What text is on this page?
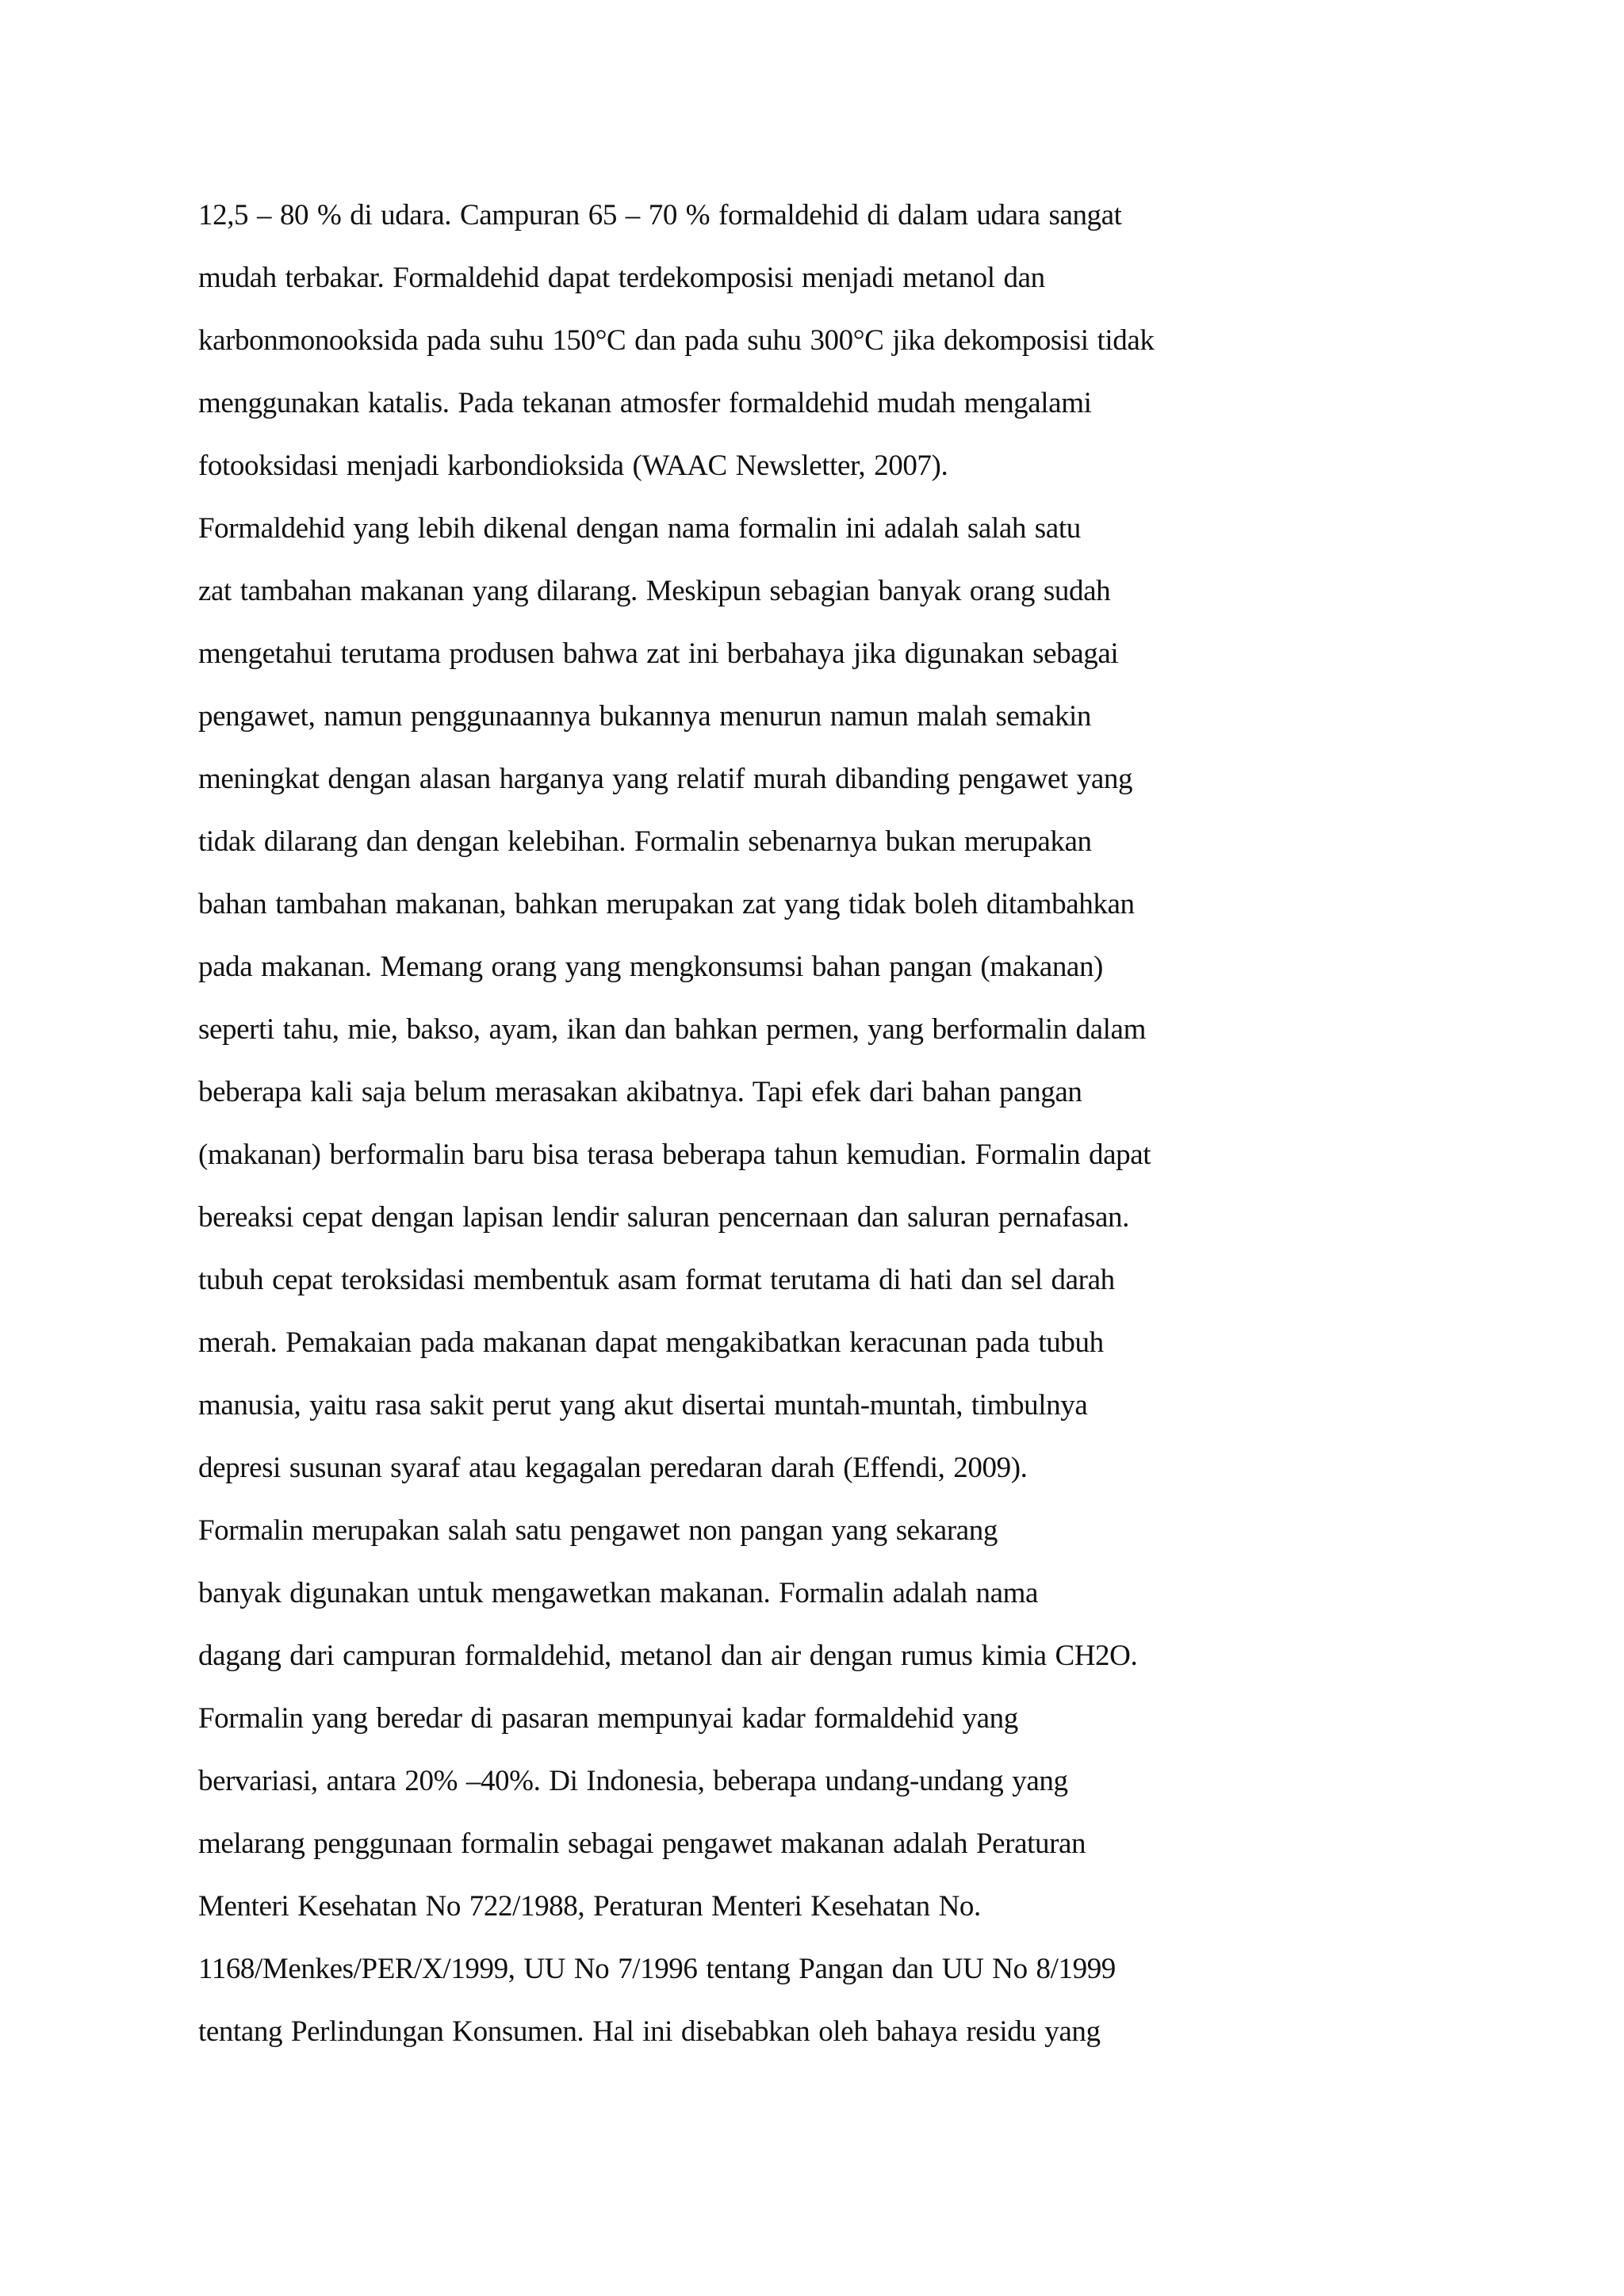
12,5 – 80 % di udara. Campuran 65 – 70 % formaldehid di dalam udara sangat
mudah terbakar. Formaldehid dapat terdekomposisi menjadi metanol dan
karbonmonooksida pada suhu 150°C dan pada suhu 300°C jika dekomposisi tidak
menggunakan katalis. Pada tekanan atmosfer formaldehid mudah mengalami
fotooksidasi menjadi karbondioksida (WAAC Newsletter, 2007).
Formaldehid yang lebih dikenal dengan nama formalin ini adalah salah satu
zat tambahan makanan yang dilarang. Meskipun sebagian banyak orang sudah
mengetahui terutama produsen bahwa zat ini berbahaya jika digunakan sebagai
pengawet, namun penggunaannya bukannya menurun namun malah semakin
meningkat dengan alasan harganya yang relatif murah dibanding pengawet yang
tidak dilarang dan dengan kelebihan. Formalin sebenarnya bukan merupakan
bahan tambahan makanan, bahkan merupakan zat yang tidak boleh ditambahkan
pada makanan. Memang orang yang mengkonsumsi bahan pangan (makanan)
seperti tahu, mie, bakso, ayam, ikan dan bahkan permen, yang berformalin dalam
beberapa kali saja belum merasakan akibatnya. Tapi efek dari bahan pangan
(makanan) berformalin baru bisa terasa beberapa tahun kemudian. Formalin dapat
bereaksi cepat dengan lapisan lendir saluran pencernaan dan saluran pernafasan.
tubuh cepat teroksidasi membentuk asam format terutama di hati dan sel darah
merah. Pemakaian pada makanan dapat mengakibatkan keracunan pada tubuh
manusia, yaitu rasa sakit perut yang akut disertai muntah-muntah, timbulnya
depresi susunan syaraf atau kegagalan peredaran darah (Effendi, 2009).
Formalin merupakan salah satu pengawet non pangan yang sekarang
banyak digunakan untuk mengawetkan makanan. Formalin adalah nama
dagang dari campuran formaldehid, metanol dan air dengan rumus kimia CH2O.
Formalin yang beredar di pasaran mempunyai kadar formaldehid yang
bervariasi, antara 20% –40%. Di Indonesia, beberapa undang-undang yang
melarang penggunaan formalin sebagai pengawet makanan adalah Peraturan
Menteri Kesehatan No 722/1988, Peraturan Menteri Kesehatan No.
1168/Menkes/PER/X/1999, UU No 7/1996 tentang Pangan dan UU No 8/1999
tentang Perlindungan Konsumen. Hal ini disebabkan oleh bahaya residu yang
